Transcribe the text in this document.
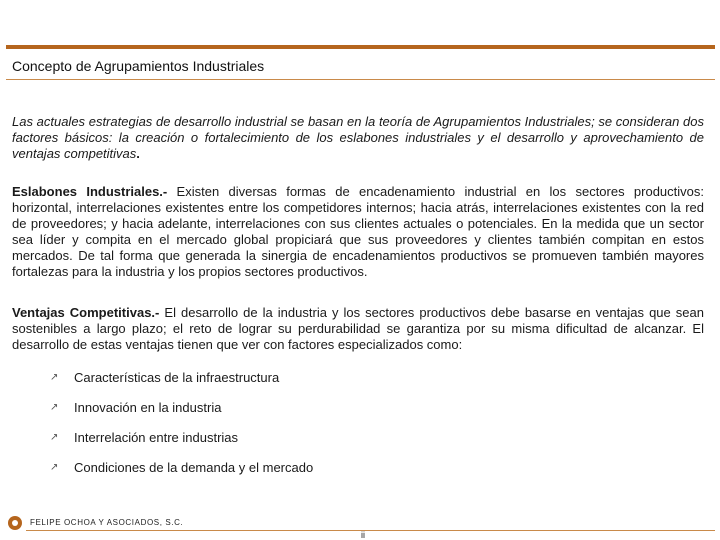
Concepto de Agrupamientos Industriales

Las actuales estrategias de desarrollo industrial se basan en la teoría de Agrupamientos Industriales; se consideran dos factores básicos: la creación o fortalecimiento de los eslabones industriales y el desarrollo y aprovechamiento de ventajas competitivas.

Eslabones Industriales.- Existen diversas formas de encadenamiento industrial en los sectores productivos: horizontal, interrelaciones existentes entre los competidores internos; hacia atrás, interrelaciones existentes con la red de proveedores; y hacia adelante, interrelaciones con sus clientes actuales o potenciales. En la medida que un sector sea líder y compita en el mercado global propiciará que sus proveedores y clientes también compitan en estos mercados. De tal forma que generada la sinergia de encadenamientos productivos se promueven también mayores fortalezas para la industria y los propios sectores productivos.

Ventajas Competitivas.- El desarrollo de la industria y los sectores productivos debe basarse en ventajas que sean sostenibles a largo plazo; el reto de lograr su perdurabilidad se garantiza por su misma dificultad de alcanzar. El desarrollo de estas ventajas tienen que ver con factores especializados como:

↗	Características de la infraestructura
↗	Innovación en la industria
↗	Interrelación entre industrias
↗	Condiciones de la demanda y el mercado
FELIPE OCHOA Y ASOCIADOS, S.C.
ii
